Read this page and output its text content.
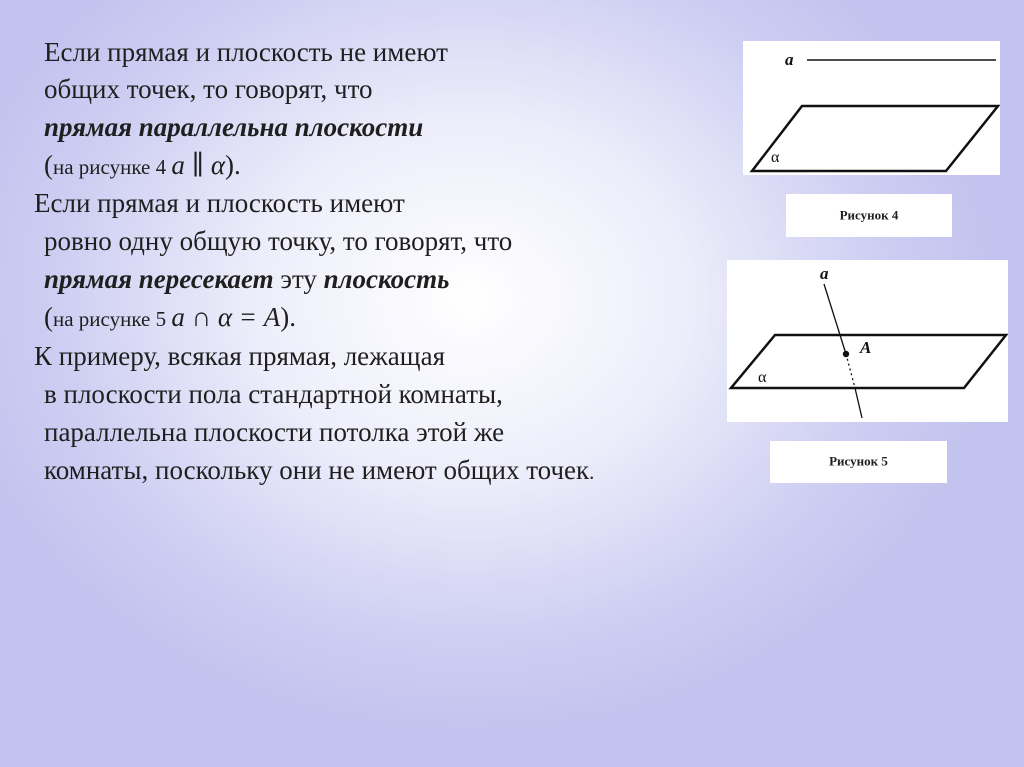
Если прямая и плоскость не имеют
общих точек, то говорят, что
прямая параллельна плоскости
(на рисунке 4 a ∥ α).
Если прямая и плоскость имеют
ровно одну общую точку, то говорят, что
прямая пересекает эту плоскость
(на рисунке 5 a ∩ α = A).
К примеру, всякая прямая, лежащая
в плоскости пола стандартной комнаты,
параллельна плоскости потолка этой же
комнаты, поскольку они не имеют общих точек.
a
α
Рисунок 4
a
A
α
Рисунок 5
